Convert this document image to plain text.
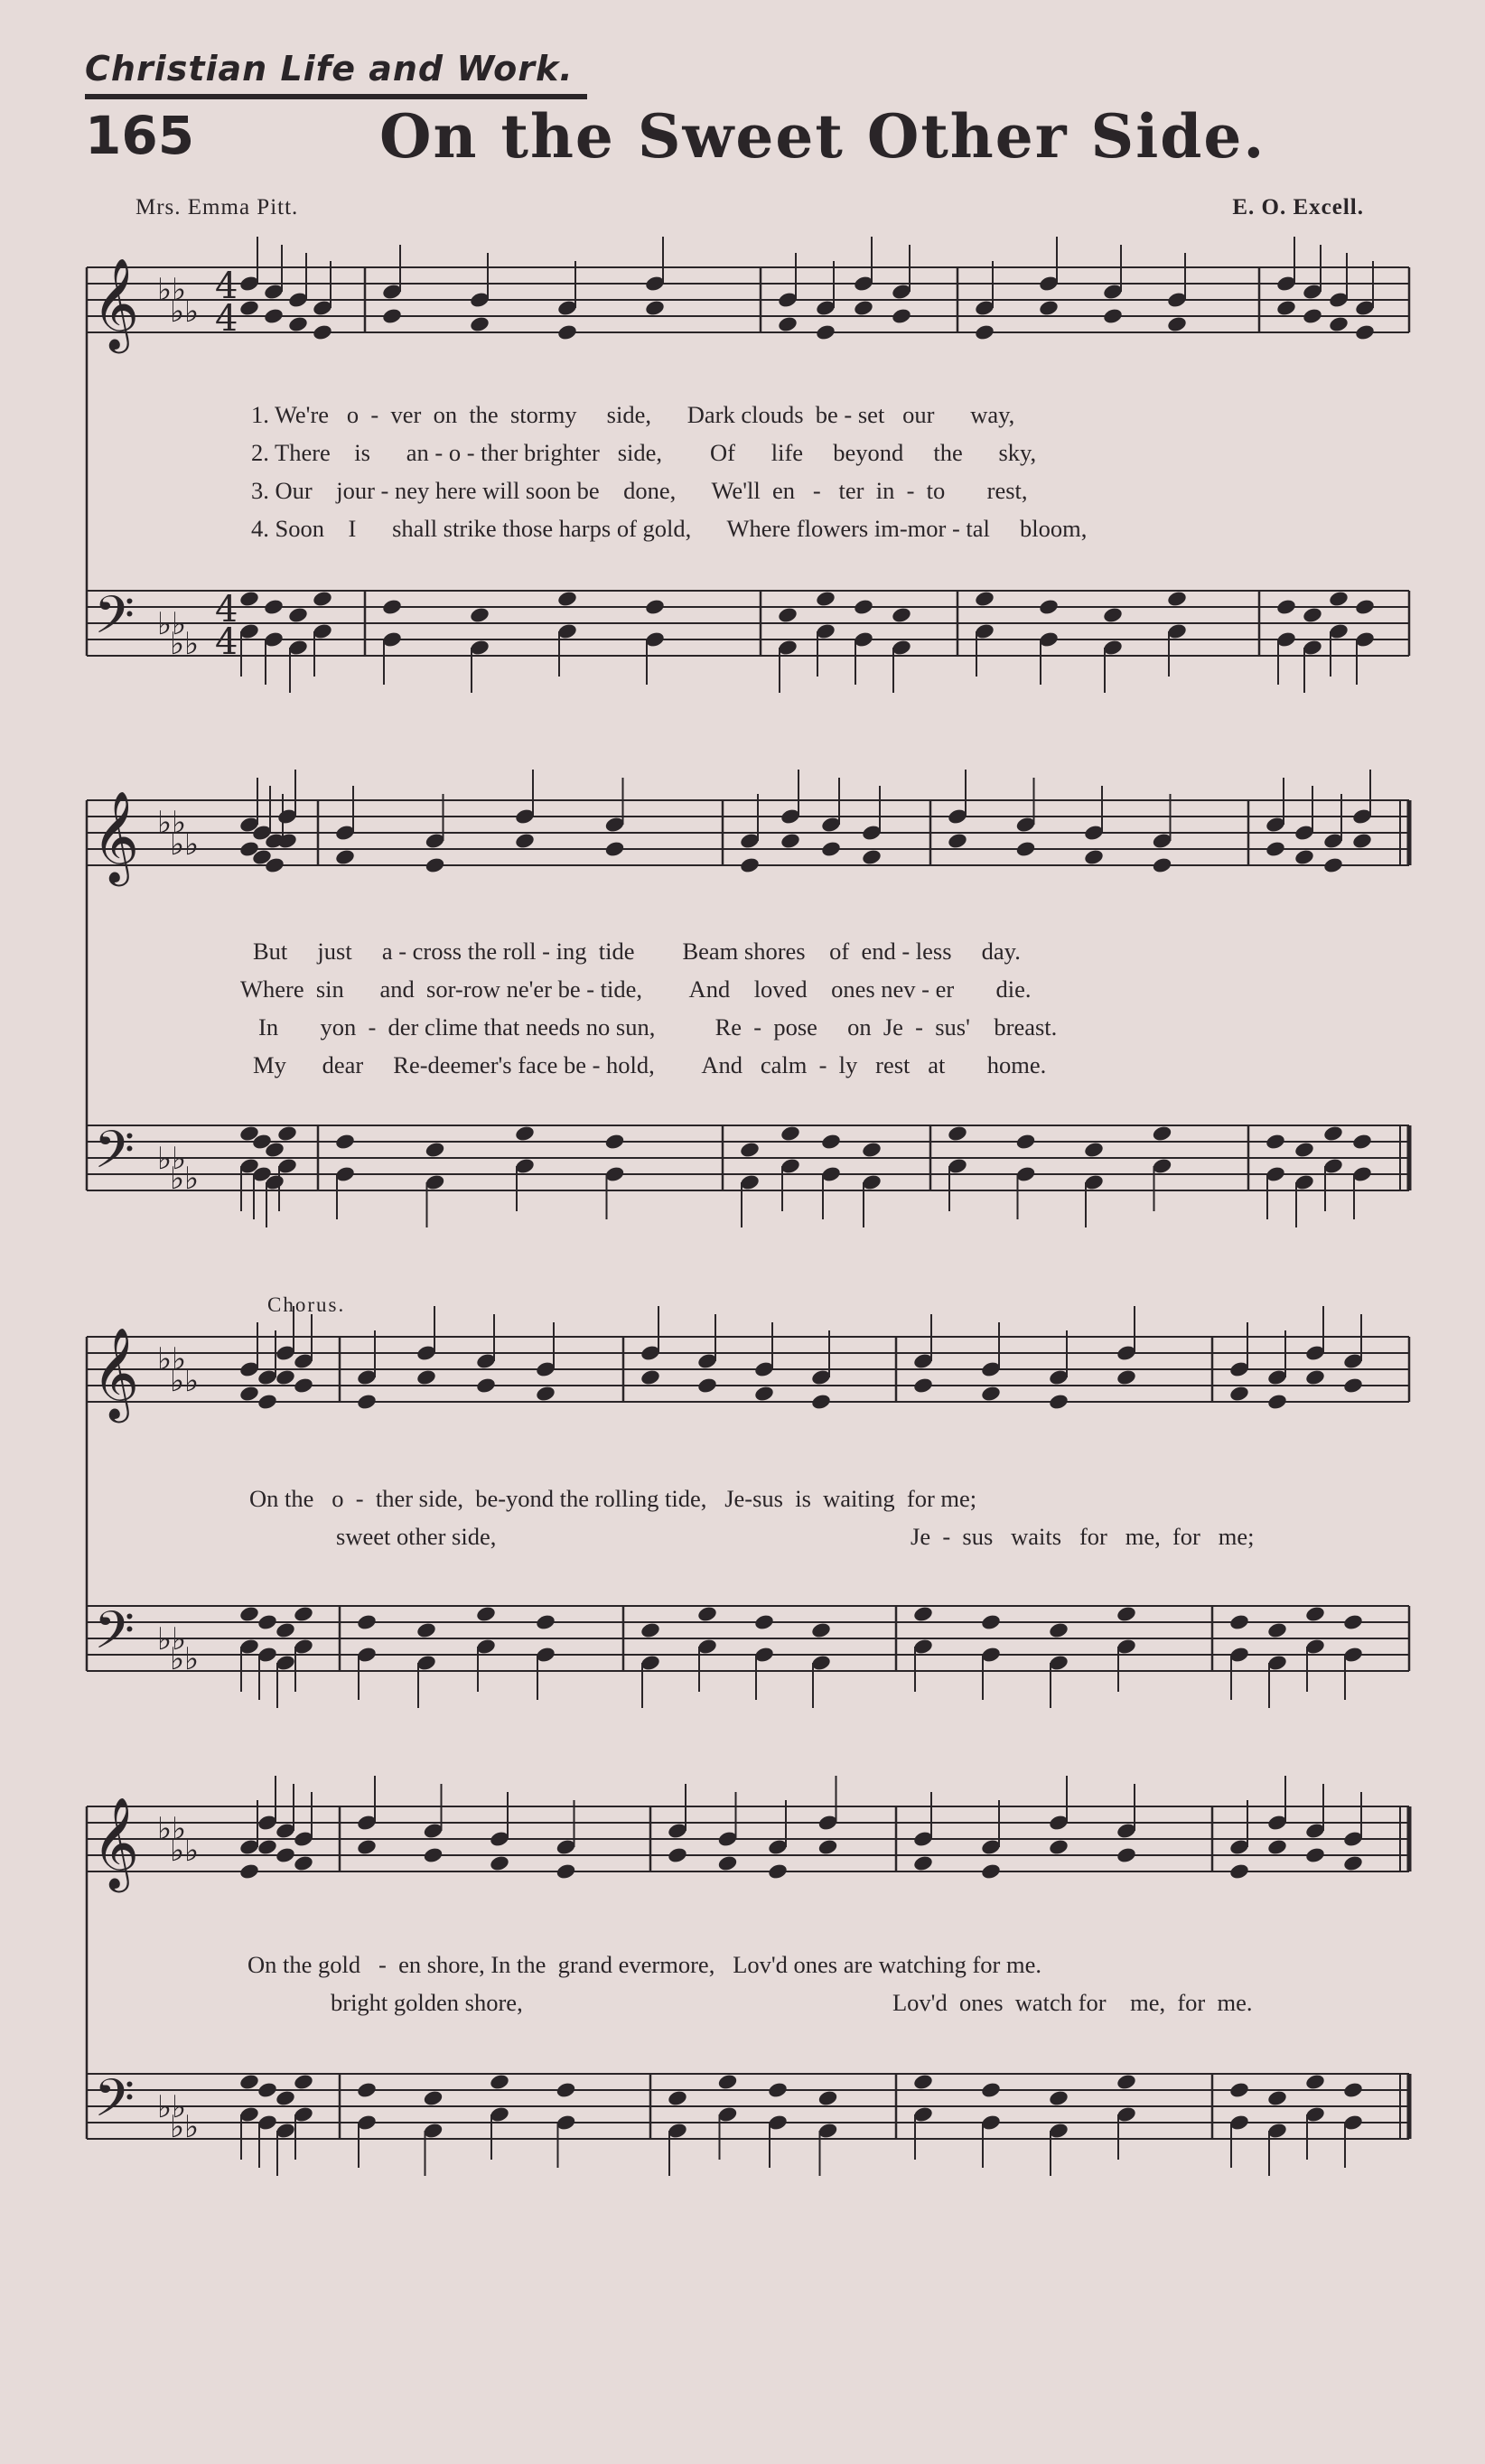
Christian Life and Work.
165	On the Sweet Other Side.
Mrs. Emma Pitt.	E. O. Excell.
𝄞
𝄢
♭♭
♭♭
♭♭
♭♭
4
4
4
4
𝄞
𝄢
♭♭
♭♭
♭♭
♭♭
𝄞
𝄢
♭♭
♭♭
♭♭
♭♭
𝄞
𝄢
♭♭
♭♭
♭♭
♭♭
1. We're   o  -  ver  on  the  stormy     side,      Dark clouds  be - set   our      way,
2. There    is      an - o - ther brighter   side,        Of      life     beyond     the      sky,
3. Our    jour - ney here will soon be    done,      We'll  en   -   ter  in  -  to       rest,
4. Soon    I      shall strike those harps of gold,      Where flowers im-mor - tal     bloom,
But     just     a - cross the roll - ing  tide        Beam shores    of  end - less     day.
Where  sin      and  sor-row ne'er be - tide,        And    loved    ones nev - er       die.
In       yon  -  der clime that needs no sun,          Re  -  pose     on  Je  -  sus'    breast.
My      dear     Re-deemer's face be - hold,        And   calm  -  ly   rest   at       home.
Chorus.
On the   o  -  ther side,  be-yond the rolling tide,   Je-sus  is  waiting  for me;
sweet other side,	Je  -  sus   waits   for   me,  for   me;
On the gold   -  en shore, In the  grand evermore,   Lov'd ones are watching for me.
bright golden shore,	Lov'd  ones  watch for    me,  for  me.
